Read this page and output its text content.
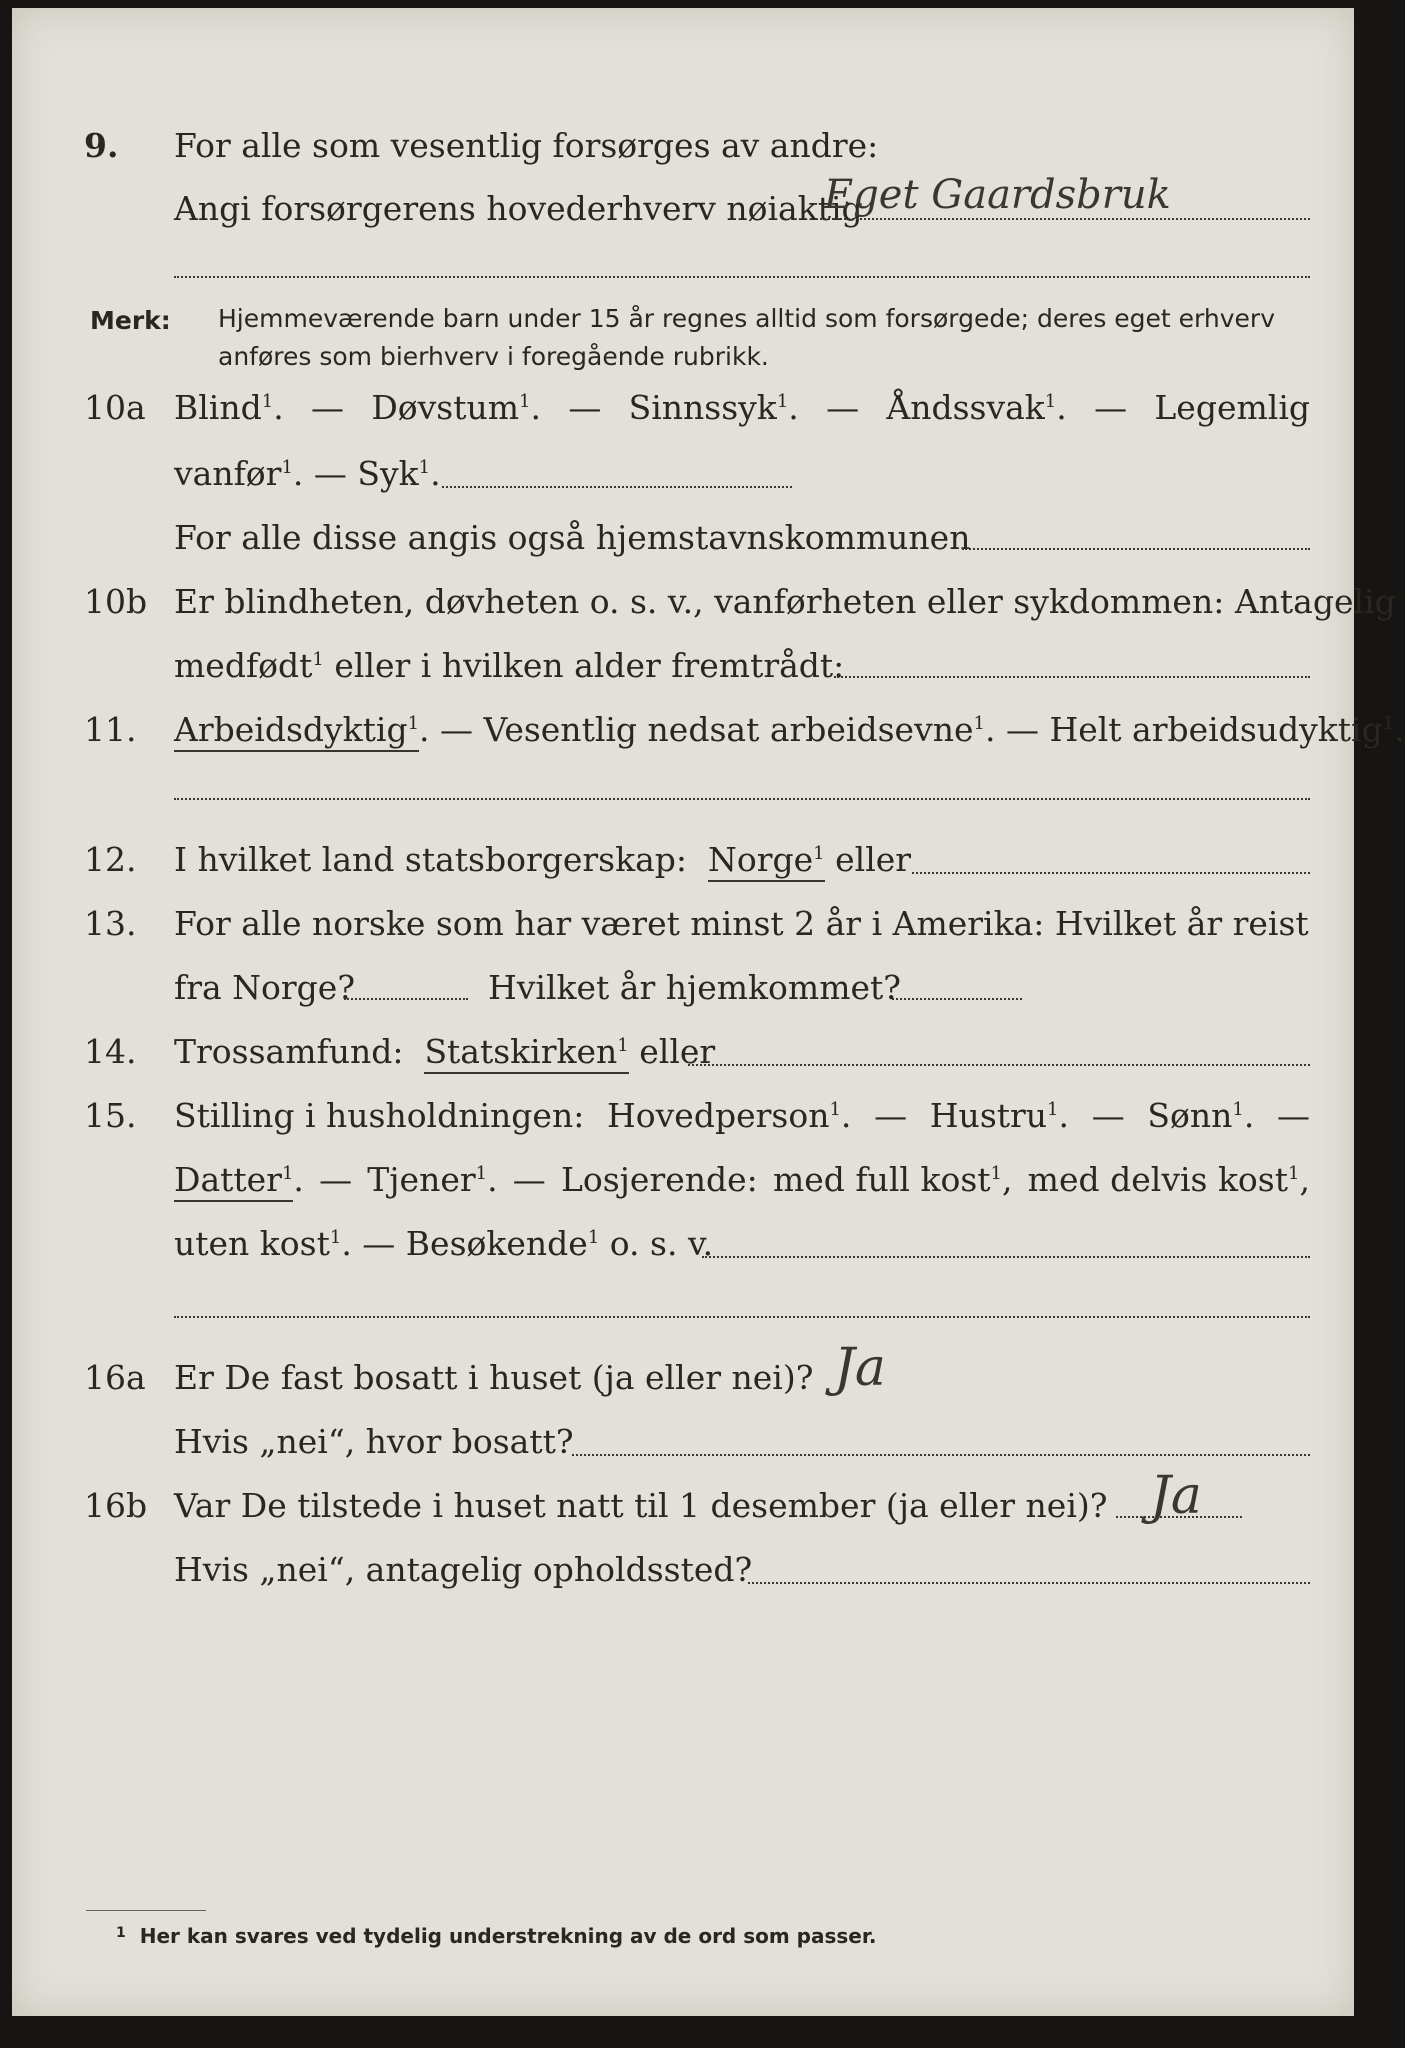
9. For alle som vesentlig forsørges av andre:
Angi forsørgerens hovederhverv nøiaktig
Eget Gaardsbruk
Merk: Hjemmeværende barn under 15 år regnes alltid som forsørgede; deres eget erhverv anføres som bierhverv i foregående rubrikk.
10a Blind$^1$. — Døvstum$^1$. — Sinnssyk$^1$. — Åndssvak$^1$. — Legemlig
vanfør$^1$. — Syk$^1$.
For alle disse angis også hjemstavnskommunen
10b Er blindheten, døvheten o. s. v., vanførheten eller sykdommen: Antagelig
medfødt$^1$ eller i hvilken alder fremtrådt:
11. Arbeidsdyktig$^1$. — Vesentlig nedsat arbeidsevne$^1$. — Helt arbeidsudyktig$^1$.
12. I hvilket land statsborgerskap: Norge$^1$ eller
13. For alle norske som har været minst 2 år i Amerika: Hvilket år reist
fra Norge?	Hvilket år hjemkommet?
14. Trossamfund: Statskirken$^1$ eller
15. Stilling i husholdningen: Hovedperson$^1$. — Hustru$^1$. — Sønn$^1$. —
Datter$^1$. — Tjener$^1$. — Losjerende: med full kost$^1$, med delvis kost$^1$,
uten kost$^1$. — Besøkende$^1$ o. s. v.
16a Er De fast bosatt i huset (ja eller nei)? Ja
Hvis „nei“, hvor bosatt?
16b Var De tilstede i huset natt til 1 desember (ja eller nei)? Ja
Hvis „nei“, antagelig opholdssted?
$^1$ Her kan svares ved tydelig understrekning av de ord som passer.
